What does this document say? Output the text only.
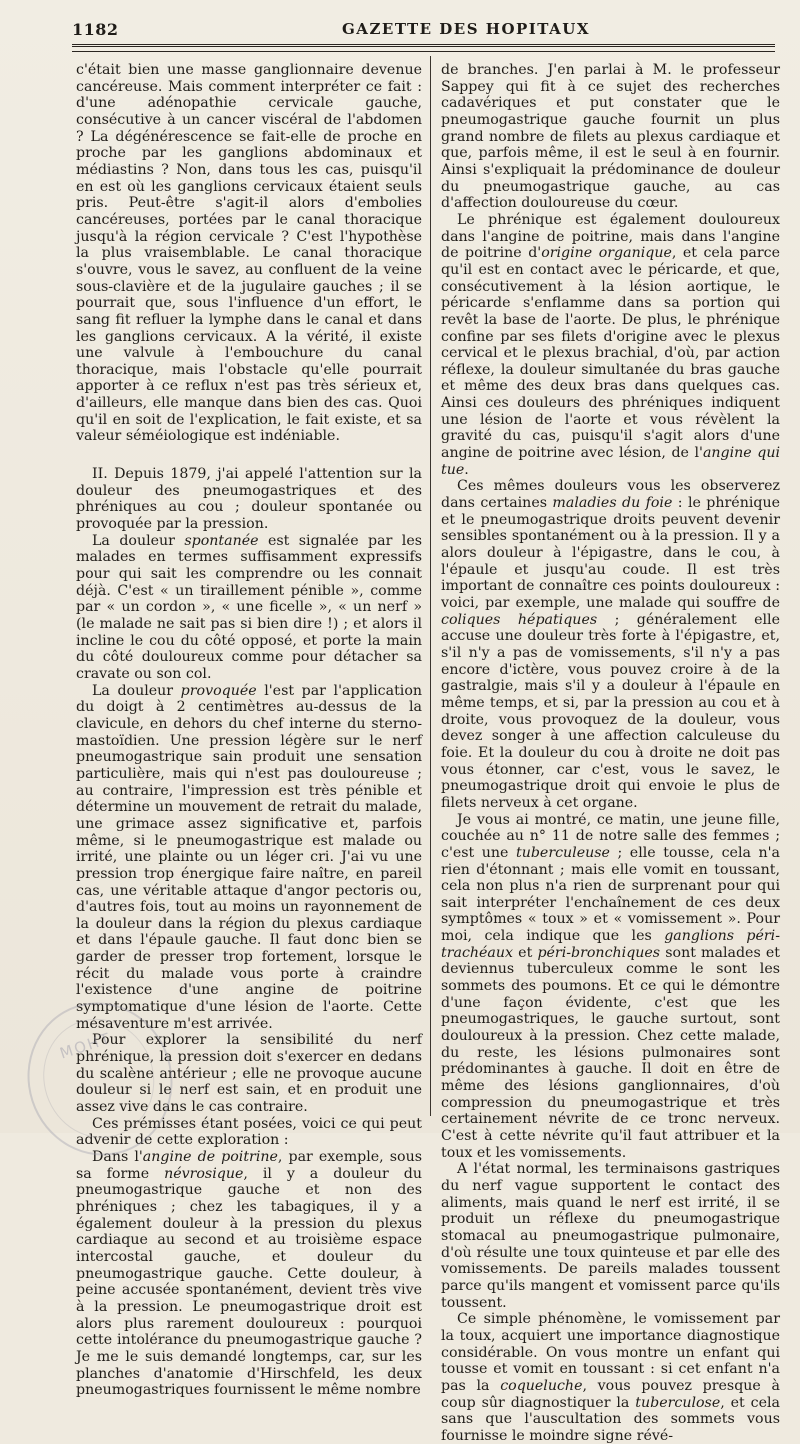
1182	GAZETTE DES HOPITAUX

c'était bien une masse ganglionnaire devenue cancéreuse. Mais comment interpréter ce fait : d'une adénopathie cervicale gauche, consécutive à un cancer viscéral de l'abdomen ? La dégénérescence se fait-elle de proche en proche par les ganglions abdominaux et médiastins ? Non, dans tous les cas, puisqu'il en est où les ganglions cervicaux étaient seuls pris. Peut-être s'agit-il alors d'embolies cancéreuses, portées par le canal thoracique jusqu'à la région cervicale ? C'est l'hypothèse la plus vraisemblable. Le canal thoracique s'ouvre, vous le savez, au confluent de la veine sous-clavière et de la jugulaire gauches ; il se pourrait que, sous l'influence d'un effort, le sang fit refluer la lymphe dans le canal et dans les ganglions cervicaux. A la vérité, il existe une valvule à l'embouchure du canal thoracique, mais l'obstacle qu'elle pourrait apporter à ce reflux n'est pas très sérieux et, d'ailleurs, elle manque dans bien des cas. Quoi qu'il en soit de l'explication, le fait existe, et sa valeur séméiologique est indéniable.

II. Depuis 1879, j'ai appelé l'attention sur la douleur des pneumogastriques et des phréniques au cou ; douleur spontanée ou provoquée par la pression.

La douleur spontanée est signalée par les malades en termes suffisamment expressifs pour qui sait les comprendre ou les connait déjà. C'est « un tiraillement pénible », comme par « un cordon », « une ficelle », « un nerf » (le malade ne sait pas si bien dire !) ; et alors il incline le cou du côté opposé, et porte la main du côté douloureux comme pour détacher sa cravate ou son col.

La douleur provoquée l'est par l'application du doigt à 2 centimètres au-dessus de la clavicule, en dehors du chef interne du sterno-mastoïdien. Une pression légère sur le nerf pneumogastrique sain produit une sensation particulière, mais qui n'est pas douloureuse ; au contraire, l'impression est très pénible et détermine un mouvement de retrait du malade, une grimace assez significative et, parfois même, si le pneumogastrique est malade ou irrité, une plainte ou un léger cri. J'ai vu une pression trop énergique faire naître, en pareil cas, une véritable attaque d'angor pectoris ou, d'autres fois, tout au moins un rayonnement de la douleur dans la région du plexus cardiaque et dans l'épaule gauche. Il faut donc bien se garder de presser trop fortement, lorsque le récit du malade vous porte à craindre l'existence d'une angine de poitrine symptomatique d'une lésion de l'aorte. Cette mésaventure m'est arrivée.

Pour explorer la sensibilité du nerf phrénique, la pression doit s'exercer en dedans du scalène antérieur ; elle ne provoque aucune douleur si le nerf est sain, et en produit une assez vive dans le cas contraire.

Ces prémisses étant posées, voici ce qui peut advenir de cette exploration :

Dans l'angine de poitrine, par exemple, sous sa forme névrosique, il y a douleur du pneumogastrique gauche et non des phréniques ; chez les tabagiques, il y a également douleur à la pression du plexus cardiaque au second et au troisième espace intercostal gauche, et douleur du pneumogastrique gauche. Cette douleur, à peine accusée spontanément, devient très vive à la pression. Le pneumogastrique droit est alors plus rarement douloureux : pourquoi cette intolérance du pneumogastrique gauche ? Je me le suis demandé longtemps, car, sur les planches d'anatomie d'Hirschfeld, les deux pneumogastriques fournissent le même nombre

de branches. J'en parlai à M. le professeur Sappey qui fit à ce sujet des recherches cadavériques et put constater que le pneumogastrique gauche fournit un plus grand nombre de filets au plexus cardiaque et que, parfois même, il est le seul à en fournir. Ainsi s'expliquait la prédominance de douleur du pneumogastrique gauche, au cas d'affection douloureuse du cœur.

Le phrénique est également douloureux dans l'angine de poitrine, mais dans l'angine de poitrine d'origine organique, et cela parce qu'il est en contact avec le péricarde, et que, consécutivement à la lésion aortique, le péricarde s'enflamme dans sa portion qui revêt la base de l'aorte. De plus, le phrénique confine par ses filets d'origine avec le plexus cervical et le plexus brachial, d'où, par action réflexe, la douleur simultanée du bras gauche et même des deux bras dans quelques cas. Ainsi ces douleurs des phréniques indiquent une lésion de l'aorte et vous révèlent la gravité du cas, puisqu'il s'agit alors d'une angine de poitrine avec lésion, de l'angine qui tue.

Ces mêmes douleurs vous les observerez dans certaines maladies du foie : le phrénique et le pneumogastrique droits peuvent devenir sensibles spontanément ou à la pression. Il y a alors douleur à l'épigastre, dans le cou, à l'épaule et jusqu'au coude. Il est très important de connaître ces points douloureux : voici, par exemple, une malade qui souffre de coliques hépatiques ; généralement elle accuse une douleur très forte à l'épigastre, et, s'il n'y a pas de vomissements, s'il n'y a pas encore d'ictère, vous pouvez croire à de la gastralgie, mais s'il y a douleur à l'épaule en même temps, et si, par la pression au cou et à droite, vous provoquez de la douleur, vous devez songer à une affection calculeuse du foie. Et la douleur du cou à droite ne doit pas vous étonner, car c'est, vous le savez, le pneumogastrique droit qui envoie le plus de filets nerveux à cet organe.

Je vous ai montré, ce matin, une jeune fille, couchée au n° 11 de notre salle des femmes ; c'est une tuberculeuse ; elle tousse, cela n'a rien d'étonnant ; mais elle vomit en toussant, cela non plus n'a rien de surprenant pour qui sait interpréter l'enchaînement de ces deux symptômes « toux » et « vomissement ». Pour moi, cela indique que les ganglions péri-trachéaux et péri-bronchiques sont malades et deviennus tuberculeux comme le sont les sommets des poumons. Et ce qui le démontre d'une façon évidente, c'est que les pneumogastriques, le gauche surtout, sont douloureux à la pression. Chez cette malade, du reste, les lésions pulmonaires sont prédominantes à gauche. Il doit en être de même des lésions ganglionnaires, d'où compression du pneumogastrique et très certainement névrite de ce tronc nerveux. C'est à cette névrite qu'il faut attribuer et la toux et les vomissements.

A l'état normal, les terminaisons gastriques du nerf vague supportent le contact des aliments, mais quand le nerf est irrité, il se produit un réflexe du pneumogastrique stomacal au pneumogastrique pulmonaire, d'où résulte une toux quinteuse et par elle des vomissements. De pareils malades toussent parce qu'ils mangent et vomissent parce qu'ils toussent.

Ce simple phénomène, le vomissement par la toux, acquiert une importance diagnostique considérable. On vous montre un enfant qui tousse et vomit en toussant : si cet enfant n'a pas la coqueluche, vous pouvez presque à coup sûr diagnostiquer la tuberculose, et cela sans que l'auscultation des sommets vous fournisse le moindre signe révé-

MOHT
